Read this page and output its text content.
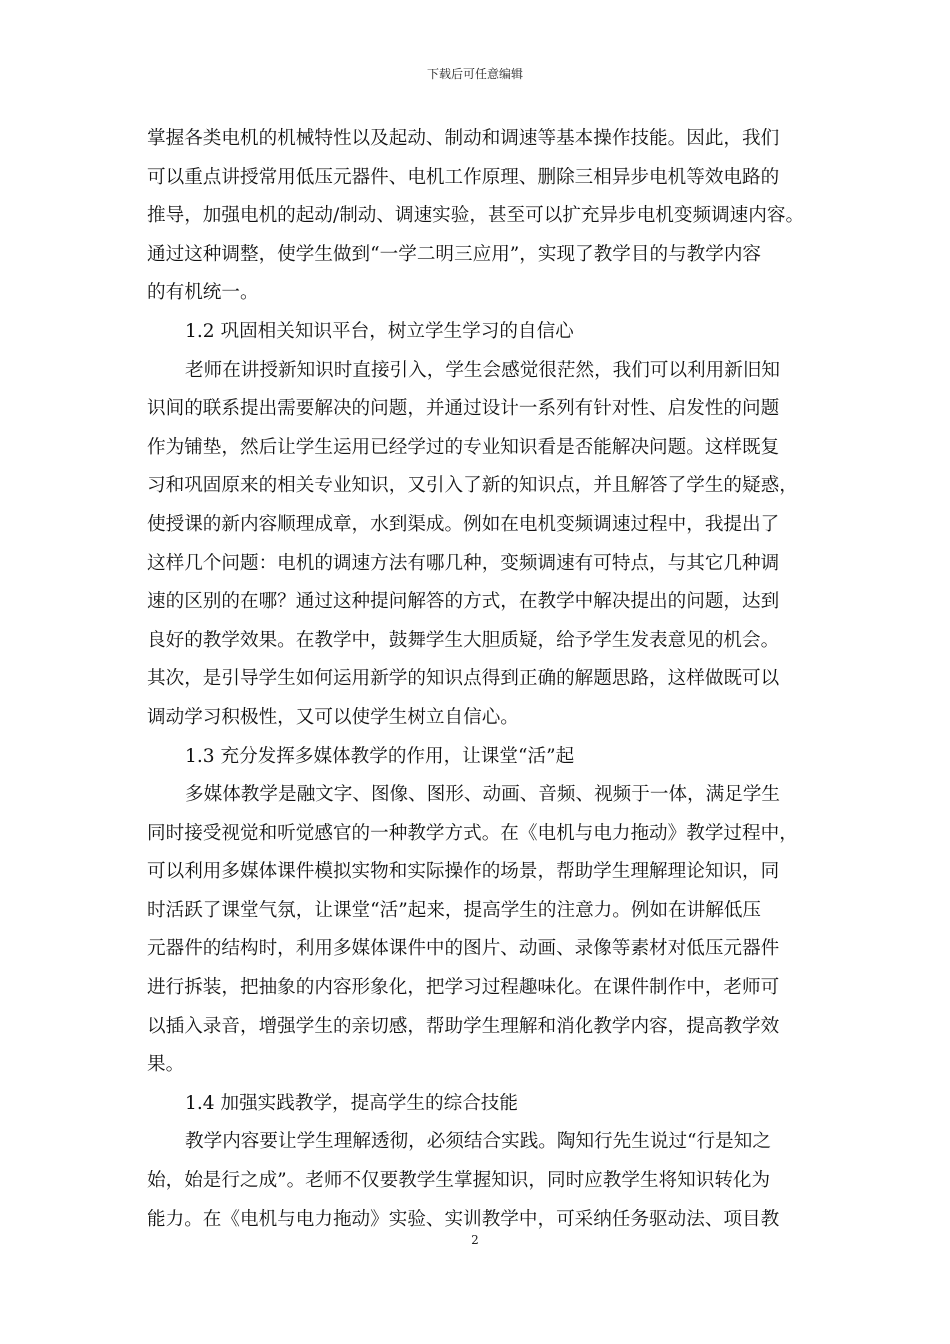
下载后可任意编辑
掌握各类电机的机械特性以及起动、制动和调速等基本操作技能。因此，我们
可以重点讲授常用低压元器件、电机工作原理、删除三相异步电机等效电路的
推导，加强电机的起动/制动、调速实验，甚至可以扩充异步电机变频调速内容。
通过这种调整，使学生做到“一学二明三应用”，实现了教学目的与教学内容
的有机统一。
1.2 巩固相关知识平台，树立学生学习的自信心
老师在讲授新知识时直接引入，学生会感觉很茫然，我们可以利用新旧知
识间的联系提出需要解决的问题，并通过设计一系列有针对性、启发性的问题
作为铺垫，然后让学生运用已经学过的专业知识看是否能解决问题。这样既复
习和巩固原来的相关专业知识，又引入了新的知识点，并且解答了学生的疑惑，
使授课的新内容顺理成章，水到渠成。例如在电机变频调速过程中，我提出了
这样几个问题：电机的调速方法有哪几种，变频调速有可特点，与其它几种调
速的区别的在哪？通过这种提问解答的方式，在教学中解决提出的问题，达到
良好的教学效果。在教学中，鼓舞学生大胆质疑，给予学生发表意见的机会。
其次，是引导学生如何运用新学的知识点得到正确的解题思路，这样做既可以
调动学习积极性，又可以使学生树立自信心。
1.3 充分发挥多媒体教学的作用，让课堂“活”起
多媒体教学是融文字、图像、图形、动画、音频、视频于一体，满足学生
同时接受视觉和听觉感官的一种教学方式。在《电机与电力拖动》教学过程中，
可以利用多媒体课件模拟实物和实际操作的场景，帮助学生理解理论知识，同
时活跃了课堂气氛，让课堂“活”起来，提高学生的注意力。例如在讲解低压
元器件的结构时，利用多媒体课件中的图片、动画、录像等素材对低压元器件
进行拆装，把抽象的内容形象化，把学习过程趣味化。在课件制作中，老师可
以插入录音，增强学生的亲切感，帮助学生理解和消化教学内容，提高教学效
果。
1.4 加强实践教学，提高学生的综合技能
教学内容要让学生理解透彻，必须结合实践。陶知行先生说过“行是知之
始，始是行之成”。老师不仅要教学生掌握知识，同时应教学生将知识转化为
能力。在《电机与电力拖动》实验、实训教学中，可采纳任务驱动法、项目教
2
